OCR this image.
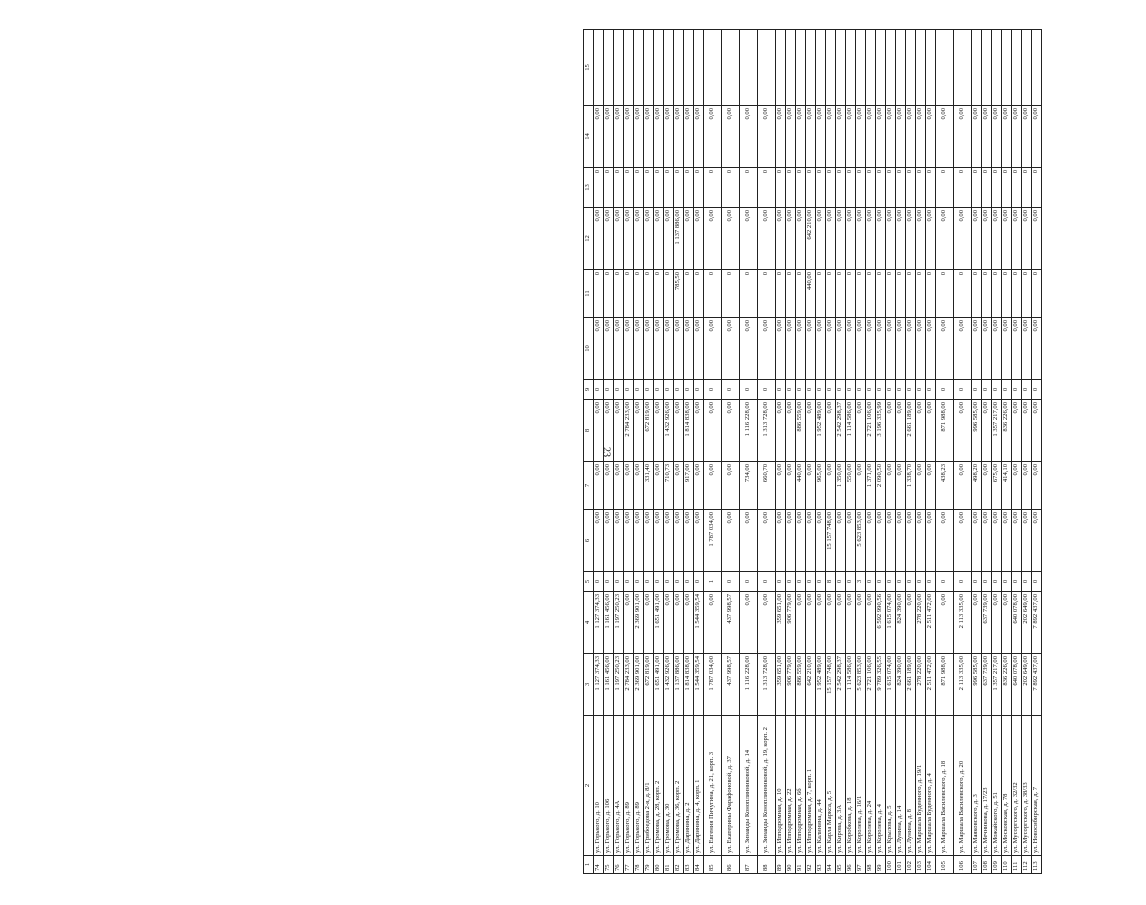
23
1	2	3	4	5	6	7	8	9	10	11	12	13	14	15
74	ул. Горького, д. 10	1 127 374,33	1 127 374,33	0	0,00	0,00	0,00	0	0,00	0	0,00	0	0,00	
75	ул. Горького, д. 106	1 161 456,00	1 161 456,00	0	0,00	0,00	0,00	0	0,00	0	0,00	0	0,00	
76	ул. Горького, д. 4А	1 197 250,23	1 197 250,23	0	0,00	0,00	0,00	0	0,00	0	0,00	0	0,00	
77	ул. Горького, д. 89	2 784 233,00	0,00	0	0,00	0,00	2 784 233,00	0	0,00	0	0,00	0	0,00	
78	ул. Горького, д. 89	2 369 901,00	2 369 901,00	0	0,00	0,00	0,00	0	0,00	0	0,00	0	0,00	
79	ул. Грибоедова 2-я, д. 8/1	672 819,00	0,00	0	0,00	331,40	672 819,00	0	0,00	0	0,00	0	0,00	
80	ул. Громова, д. 28, корп. 2	1 651 491,00	1 651 491,00	0	0,00	0,00	0,00	0	0,00	0	0,00	0	0,00	
81	ул. Громова, д. 30	1 432 926,00	0,00	0	0,00	710,73	1 432 926,00	0	0,00	0	0,00	0	0,00	
82	ул. Громова, д. 36, корп. 2	1 137 886,00	0,00	0	0,00	0,00	0,00	0	0,00	785,50	1 137 886,00	0	0,00	
83	ул. Даринина, д. 2	1 814 838,00	0,00	0	0,00	917,00	1 814 838,00	0	0,00	0	0,00	0	0,00	
84	ул. Даринина, д. 4, корп. 1	1 544 359,54	1 544 359,54	0	0,00	0,00	0,00	0	0,00	0	0,00	0	0,00	
85	ул. Евгения Пичугина, д. 21, корп. 3	1 787 034,00	0,00	1	1 787 034,00	0,00	0,00	0	0,00	0	0,00	0	0,00	
86	ул. Екатерины Фарафоновой, д. 37	437 998,57	437 998,57	0	0,00	0,00	0,00	0	0,00	0	0,00	0	0,00	
87	ул. Зинаиды Коноплянниковой, д. 14	1 116 228,00	0,00	0	0,00	734,00	1 116 228,00	0	0,00	0	0,00	0	0,00	
88	ул. Зинаиды Коноплянниковой, д. 19, корп. 2	1 313 728,00	0,00	0	0,00	660,70	1 313 728,00	0	0,00	0	0,00	0	0,00	
89	ул. Ипподромная, д. 10	359 651,00	359 651,00	0	0,00	0,00	0,00	0	0,00	0	0,00	0	0,00	
90	ул. Ипподромная, д. 22	906 779,00	906 779,00	0	0,00	0,00	0,00	0	0,00	0	0,00	0	0,00	
91	ул. Ипподромная, д. 6б	886 559,00	0,00	0	0,00	440,00	886 559,00	0	0,00	0	0,00	0	0,00	
92	ул. Ипподромная, д. 7, корп. 1	642 210,00	0,00	0	0,00	0,00	0,00	0	0,00	440,00	642 210,00	0	0,00	
93	ул. Калинина, д. 44	1 952 489,00	0,00	0	0,00	965,00	1 952 489,00	0	0,00	0	0,00	0	0,00	
94	ул. Карла Маркса, д. 5	15 157 748,00	0,00	8	15 157 748,00	0,00	0,00	0	0,00	0	0,00	0	0,00	
95	ул. Кирова, д. 3А	2 542 298,37	0,00	0	0,00	1 350,00	2 542 298,37	0	0,00	0	0,00	0	0,00	
96	ул. Коробкова, д. 18	1 114 586,00	0,00	0	0,00	550,00	1 114 586,00	0	0,00	0	0,00	0	0,00	
97	ул. Королева, д. 16/1	5 623 853,00	0,00	3	5 623 853,00	0,00	0,00	0	0,00	0	0,00	0	0,00	
98	ул. Королева, д. 24	2 721 106,00	0,00	0	0,00	1 371,00	2 721 106,00	0	0,00	0	0,00	0	0,00	
99	ул. Королева, д. 4	9 789 326,55	6 592 990,56	0	0,00	2 090,50	3 196 335,99	0	0,00	0	0,00	0	0,00	
100	ул. Крылова, д. 5	1 615 074,00	1 615 074,00	0	0,00	0,00	0,00	0	0,00	0	0,00	0	0,00	
101	ул. Лунина, д. 14	824 390,00	824 390,00	0	0,00	0,00	0,00	0	0,00	0	0,00	0	0,00	
102	ул. Лунина, д. 8	2 661 189,00	0,00	0	0,00	1 338,70	2 661 189,00	0	0,00	0	0,00	0	0,00	
103	ул. Маршала Буденного, д. 19/1	278 220,00	278 220,00	0	0,00	0,00	0,00	0	0,00	0	0,00	0	0,00	
104	ул. Маршала Буденного, д. 4	2 511 472,00	2 511 472,00	0	0,00	0,00	0,00	0	0,00	0	0,00	0	0,00	
105	ул. Маршала Василевского, д. 18	871 988,00	0,00	0	0,00	438,23	871 988,00	0	0,00	0	0,00	0	0,00	
106	ул. Маршала Василевского, д. 20	2 113 335,00	2 113 335,00	0	0,00	0,00	0,00	0	0,00	0	0,00	0	0,00	
107	ул. Маяковского, д. 3	996 585,00	0,00	0	0,00	498,20	996 585,00	0	0,00	0	0,00	0	0,00	
108	ул. Мечникова, д. 17/23	637 739,00	637 739,00	0	0,00	0,00	0,00	0	0,00	0	0,00	0	0,00	
109	ул. Можайского, д. 51	1 357 217,00	0,00	0	0,00	675,00	1 357 217,00	0	0,00	0	0,00	0	0,00	
110	ул. Московская, д. 78	836 226,00	0,00	0	0,00	414,10	836 226,00	0	0,00	0	0,00	0	0,00	
111	ул. Мусоргского, д. 32/32	640 078,00	640 078,00	0	0,00	0,00	0,00	0	0,00	0	0,00	0	0,00	
112	ул. Мусоргского, д. 38/33	202 649,00	202 649,00	0	0,00	0,00	0,00	0	0,00	0	0,00	0	0,00	
113	ул. Новосибирская, д. 7	7 892 437,00	7 892 437,00	0	0,00	0,00	0,00	0	0,00	0	0,00	0	0,00	
